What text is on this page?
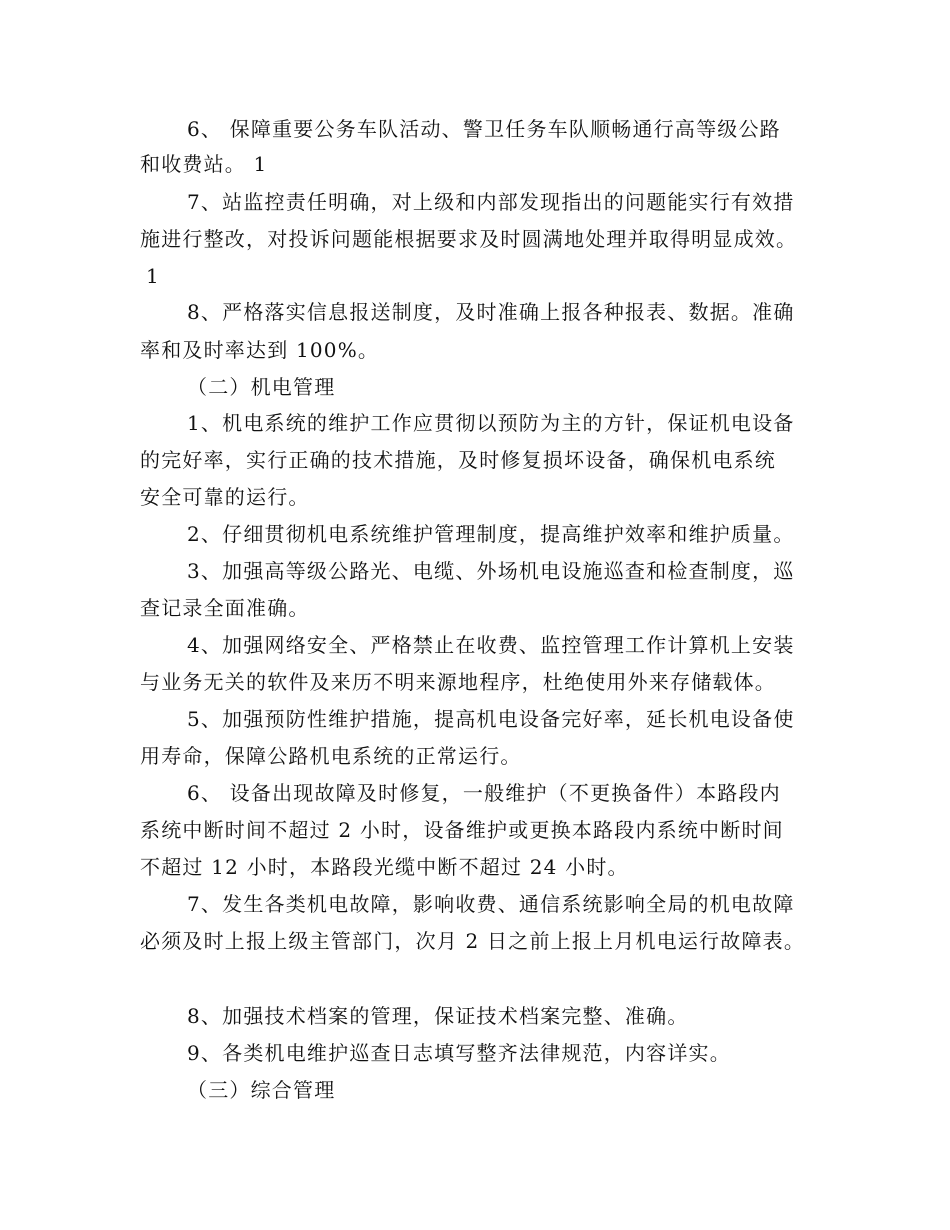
6、 保障重要公务车队活动、警卫任务车队顺畅通行高等级公路
和收费站。 1
7、站监控责任明确，对上级和内部发现指出的问题能实行有效措
施进行整改，对投诉问题能根据要求及时圆满地处理并取得明显成效。
1
8、严格落实信息报送制度，及时准确上报各种报表、数据。准确
率和及时率达到 100%。
（二）机电管理
1、机电系统的维护工作应贯彻以预防为主的方针，保证机电设备
的完好率，实行正确的技术措施，及时修复损坏设备，确保机电系统
安全可靠的运行。
2、仔细贯彻机电系统维护管理制度，提高维护效率和维护质量。
3、加强高等级公路光、电缆、外场机电设施巡查和检查制度，巡
查记录全面准确。
4、加强网络安全、严格禁止在收费、监控管理工作计算机上安装
与业务无关的软件及来历不明来源地程序，杜绝使用外来存储载体。
5、加强预防性维护措施，提高机电设备完好率，延长机电设备使
用寿命，保障公路机电系统的正常运行。
6、 设备出现故障及时修复，一般维护（不更换备件）本路段内
系统中断时间不超过 2 小时，设备维护或更换本路段内系统中断时间
不超过 12 小时，本路段光缆中断不超过 24 小时。
7、发生各类机电故障，影响收费、通信系统影响全局的机电故障
必须及时上报上级主管部门，次月 2 日之前上报上月机电运行故障表。
8、加强技术档案的管理，保证技术档案完整、准确。
9、各类机电维护巡查日志填写整齐法律规范，内容详实。
（三）综合管理
